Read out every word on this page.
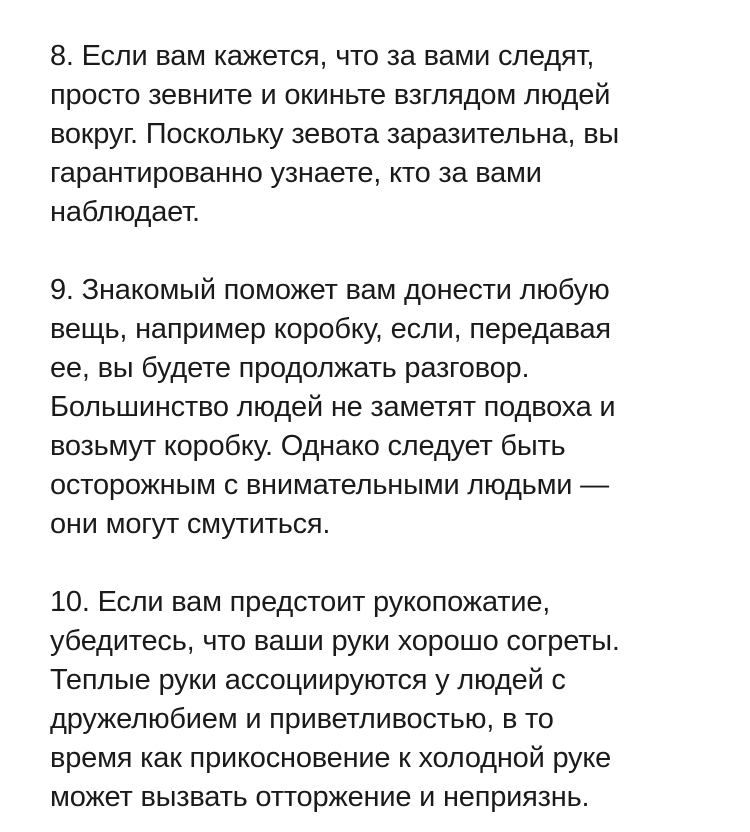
8. Если вам кажется, что за вами следят,
просто зевните и окиньте взглядом людей
вокруг. Поскольку зевота заразительна, вы
гарантированно узнаете, кто за вами
наблюдает.

9. Знакомый поможет вам донести любую
вещь, например коробку, если, передавая
ее, вы будете продолжать разговор.
Большинство людей не заметят подвоха и
возьмут коробку. Однако следует быть
осторожным с внимательными людьми —
они могут смутиться.

10. Если вам предстоит рукопожатие,
убедитесь, что ваши руки хорошо согреты.
Теплые руки ассоциируются у людей с
дружелюбием и приветливостью, в то
время как прикосновение к холодной руке
может вызвать отторжение и неприязнь.
